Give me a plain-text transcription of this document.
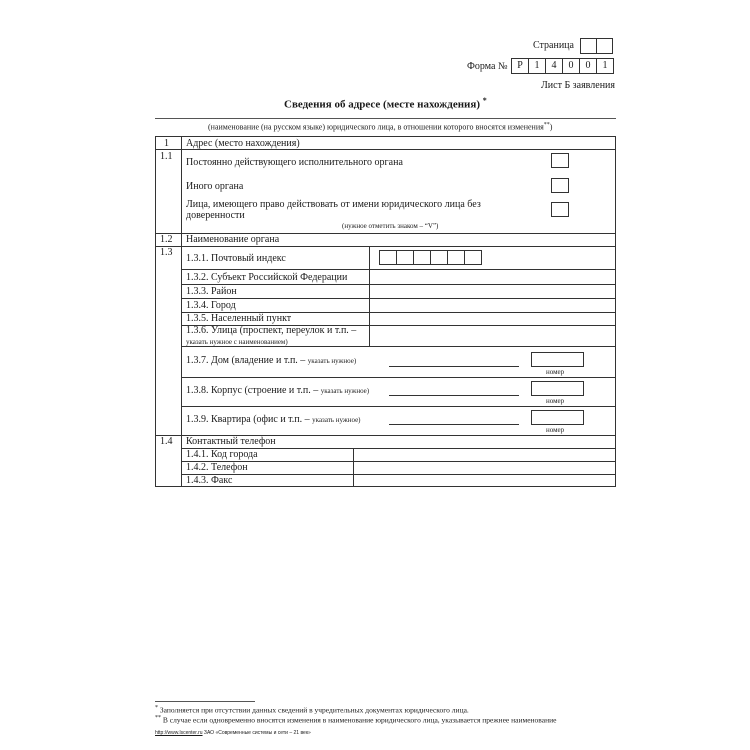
Страница
Форма № Р	1	4	0	0	1
Лист Б заявления
Сведения об адресе (месте нахождения) *
(наименование (на русском языке) юридического лица, в отношении которого вносятся изменения**)
1 Адрес (место нахождения)
1.1
Постоянно действующего исполнительного органа
Иного органа
Лица, имеющего право действовать от имени юридического лица без
доверенности
(нужное отметить знаком – “V”)
1.2 Наименование органа
1.3
1.3.1. Почтовый индекс
1.3.2. Субъект Российской Федерации
1.3.3. Район
1.3.4. Город
1.3.5. Населенный пункт
1.3.6. Улица (проспект, переулок и т.п. –
указать нужное с наименованием)
1.3.7. Дом (владение и т.п. – указать нужное)
номер
1.3.8. Корпус (строение и т.п. – указать нужное)
номер
1.3.9. Квартира (офис и т.п. – указать нужное)
номер
1.4 Контактный телефон
1.4.1. Код города
1.4.2. Телефон
1.4.3. Факс
* Заполняется при отсутствии данных сведений в учредительных документах юридического лица.
** В случае если одновременно вносятся изменения в наименование юридического лица, указывается прежнее наименование
http://www.lscenter.ru ЗАО «Современные системы и сети – 21 век»
